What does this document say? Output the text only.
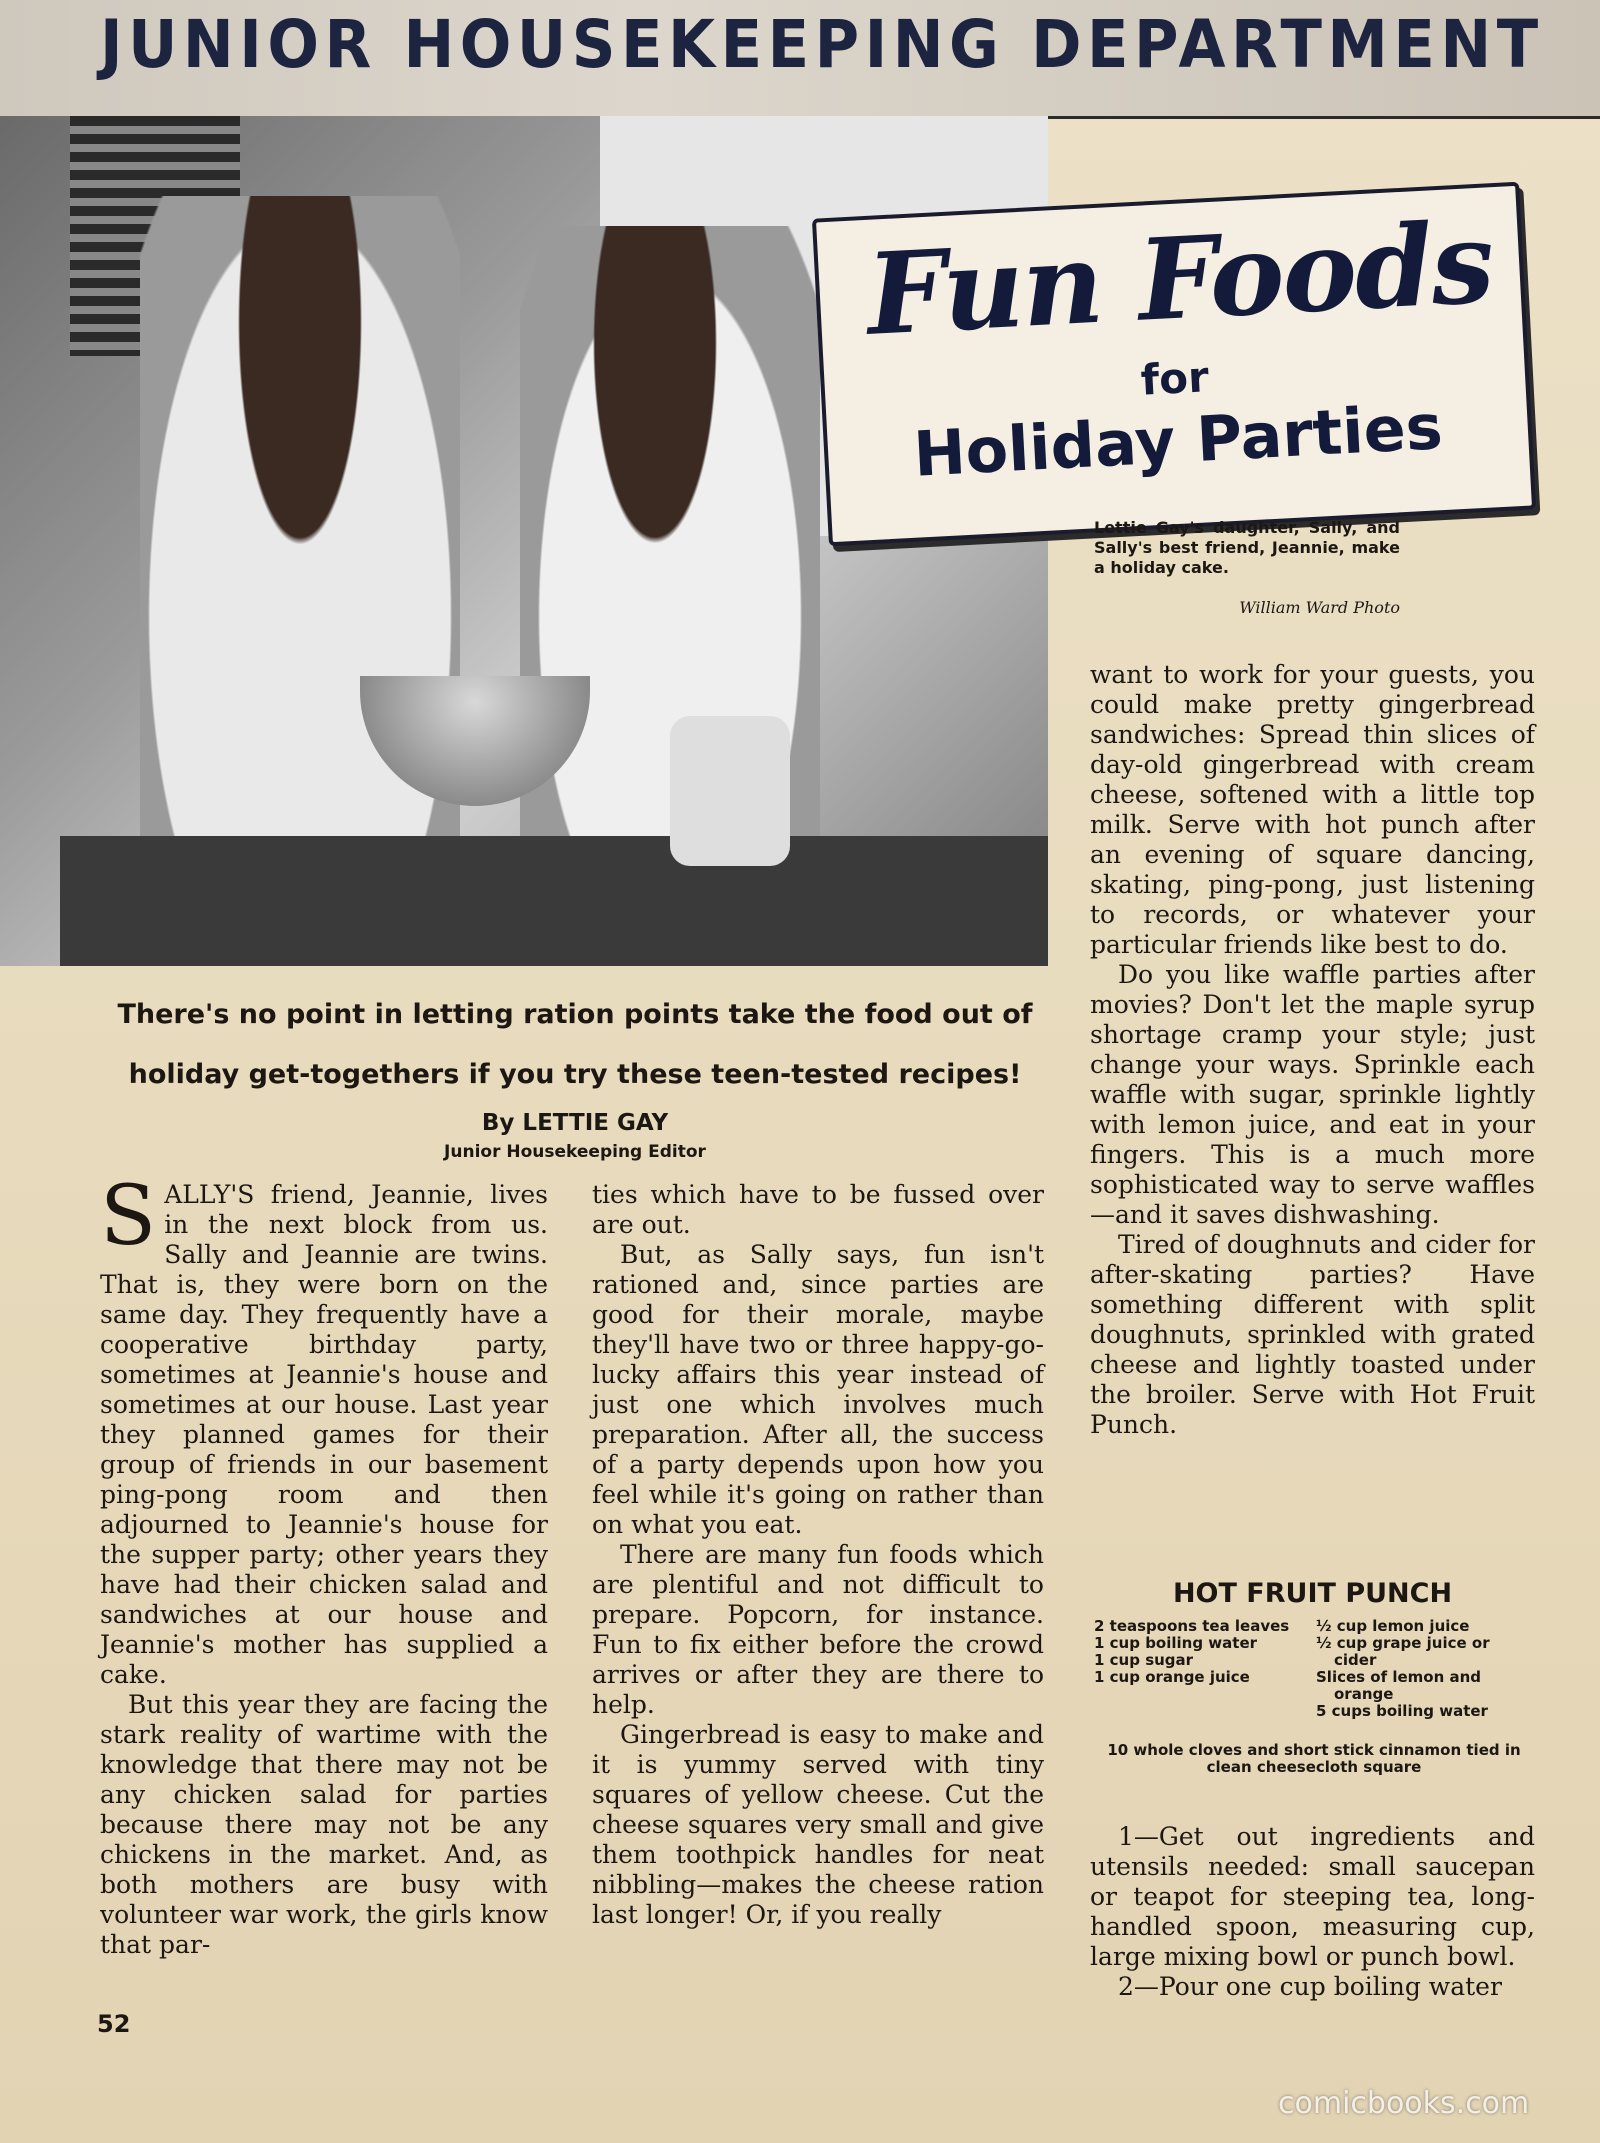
JUNIOR HOUSEKEEPING DEPARTMENT
Fun Foods
for
Holiday Parties
Lettie Gay's daughter, Sally, and Sally's best friend, Jeannie, make a holiday cake.
William Ward Photo
There's no point in letting ration points take the food out of
holiday get-togethers if you try these teen-tested recipes!
By LETTIE GAY
Junior Housekeeping Editor

SALLY'S friend, Jeannie, lives in the next block from us. Sally and Jeannie are twins. That is, they were born on the same day. They frequently have a cooperative birthday party, sometimes at Jeannie's house and sometimes at our house. Last year they planned games for their group of friends in our basement ping-pong room and then adjourned to Jeannie's house for the supper party; other years they have had their chicken salad and sandwiches at our house and Jeannie's mother has supplied a cake.

But this year they are facing the stark reality of wartime with the knowledge that there may not be any chicken salad for parties because there may not be any chickens in the market. And, as both mothers are busy with volunteer war work, the girls know that par-

ties which have to be fussed over are out.

But, as Sally says, fun isn't rationed and, since parties are good for their morale, maybe they'll have two or three happy-go-lucky affairs this year instead of just one which involves much preparation. After all, the success of a party depends upon how you feel while it's going on rather than on what you eat.

There are many fun foods which are plentiful and not difficult to prepare. Popcorn, for instance. Fun to fix either before the crowd arrives or after they are there to help.

Gingerbread is easy to make and it is yummy served with tiny squares of yellow cheese. Cut the cheese squares very small and give them toothpick handles for neat nibbling—makes the cheese ration last longer! Or, if you really

want to work for your guests, you could make pretty gingerbread sandwiches: Spread thin slices of day-old gingerbread with cream cheese, softened with a little top milk. Serve with hot punch after an evening of square dancing, skating, ping-pong, just listening to records, or whatever your particular friends like best to do.

Do you like waffle parties after movies? Don't let the maple syrup shortage cramp your style; just change your ways. Sprinkle each waffle with sugar, sprinkle lightly with lemon juice, and eat in your fingers. This is a much more sophisticated way to serve waffles—and it saves dishwashing.

Tired of doughnuts and cider for after-skating parties? Have something different with split doughnuts, sprinkled with grated cheese and lightly toasted under the broiler. Serve with Hot Fruit Punch.

HOT FRUIT PUNCH

2 teaspoons tea leaves

1 cup boiling water

1 cup sugar

1 cup orange juice

½ cup lemon juice

½ cup grape juice or cider

Slices of lemon and orange

5 cups boiling water

10 whole cloves and short stick cinnamon tied in clean cheesecloth square

1—Get out ingredients and utensils needed: small saucepan or teapot for steeping tea, long-handled spoon, measuring cup, large mixing bowl or punch bowl.

2—Pour one cup boiling water

52
comicbooks.com
